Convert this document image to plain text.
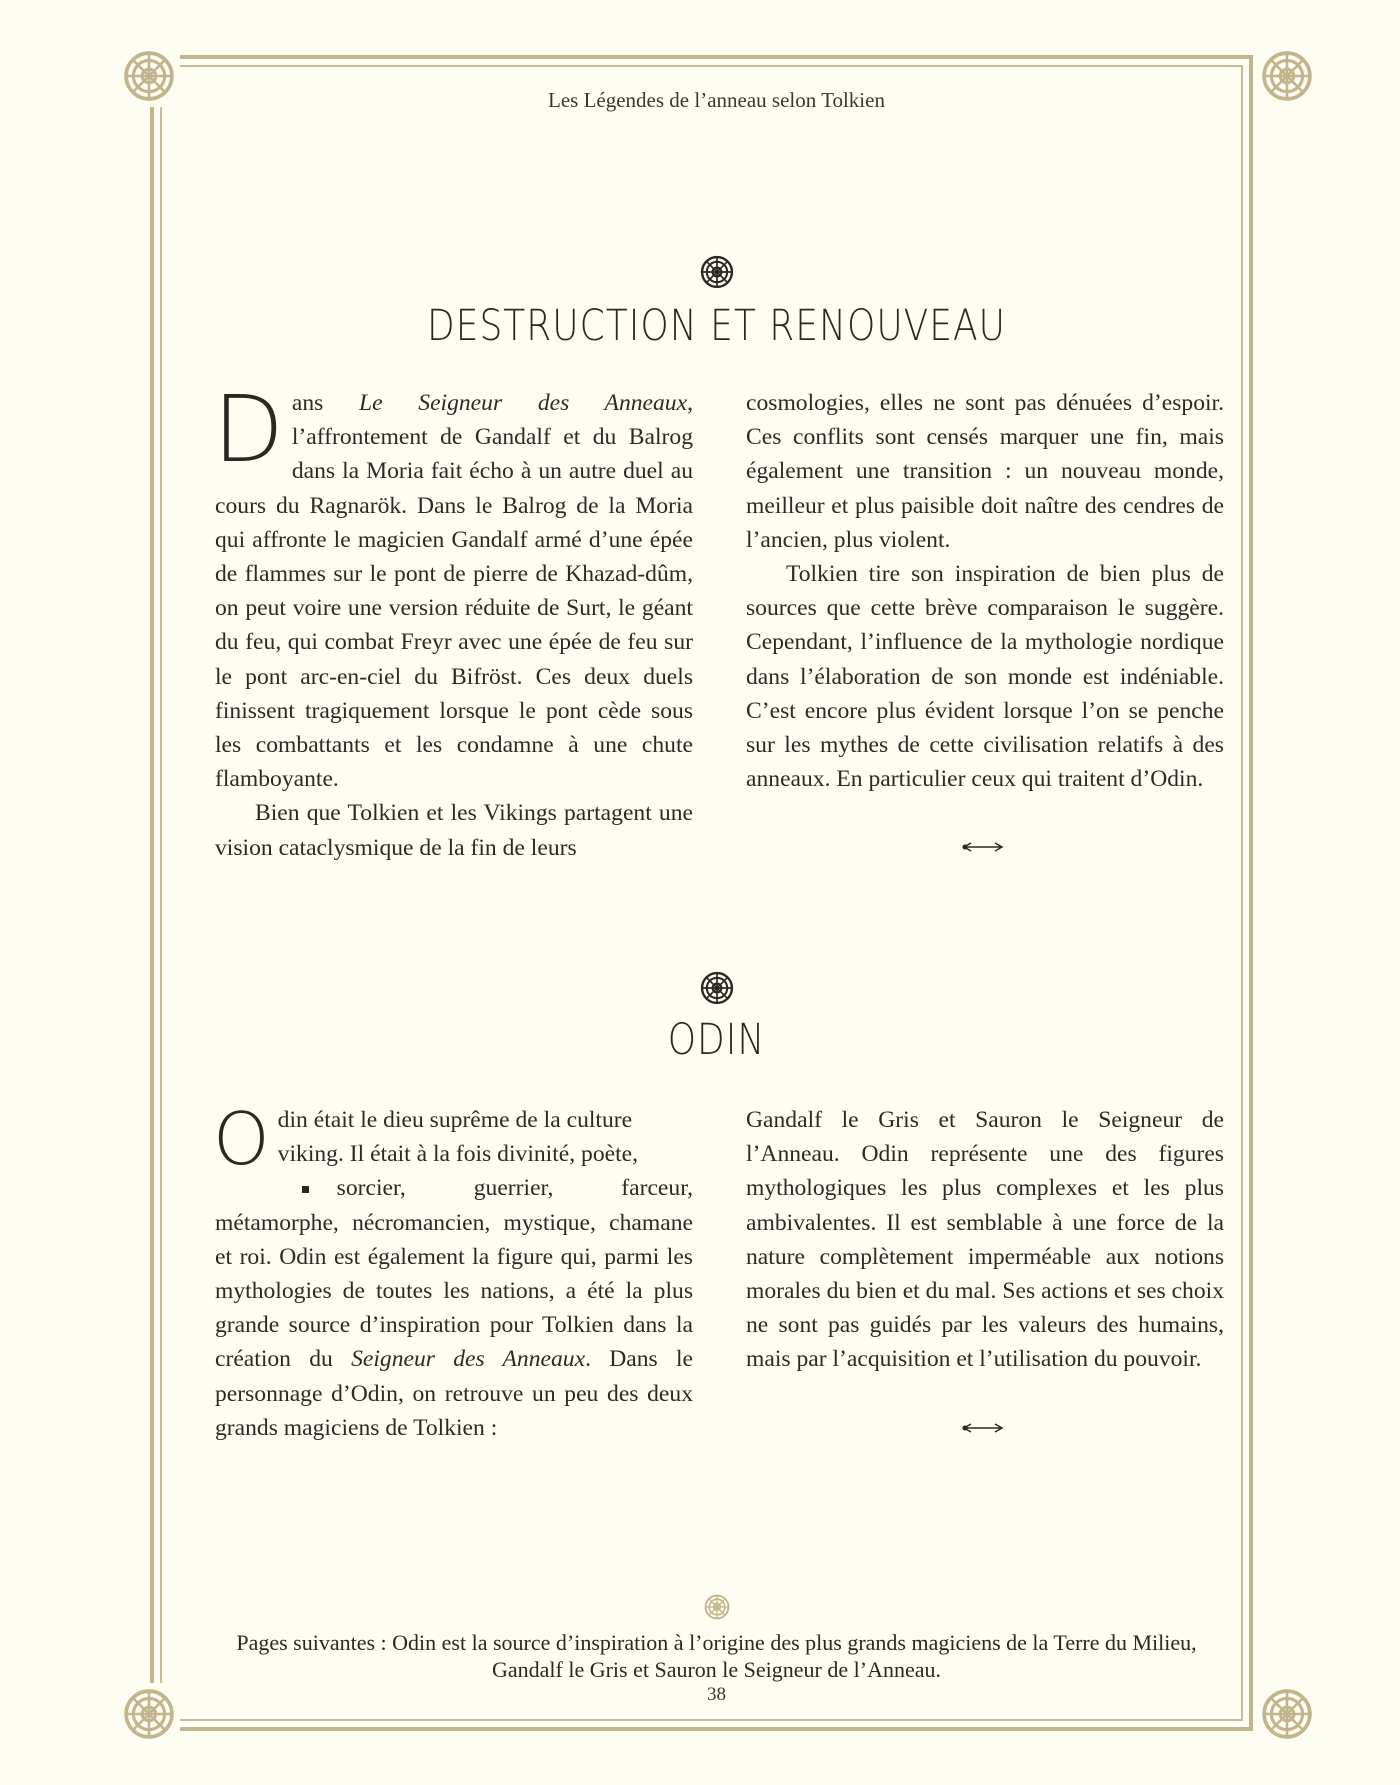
Les Légendes de l’anneau selon Tolkien
DESTRUCTION ET RENOUVEAU

Dans Le Seigneur des Anneaux, l’affrontement de Gandalf et du Balrog dans la Moria fait écho à un autre duel au cours du Ragnarök. Dans le Balrog de la Moria qui affronte le magicien Gandalf armé d’une épée de flammes sur le pont de pierre de Khazad-dûm, on peut voire une version réduite de Surt, le géant du feu, qui combat Freyr avec une épée de feu sur le pont arc-en-ciel du Bifröst. Ces deux duels finissent tragiquement lorsque le pont cède sous les combattants et les condamne à une chute flamboyante.

Bien que Tolkien et les Vikings partagent une vision cataclysmique de la fin de leurs

cosmologies, elles ne sont pas dénuées d’espoir. Ces conflits sont censés marquer une fin, mais également une transition : un nouveau monde, meilleur et plus paisible doit naître des cendres de l’ancien, plus violent.

Tolkien tire son inspiration de bien plus de sources que cette brève comparaison le suggère. Cependant, l’influence de la mythologie nordique dans l’élaboration de son monde est indéniable. C’est encore plus évident lorsque l’on se penche sur les mythes de cette civilisation relatifs à des anneaux. En particulier ceux qui traitent d’Odin.

ODIN

Odin était le dieu suprême de la culture
viking. Il était à la fois divinité, poète,
sorcier, guerrier, farceur, métamorphe, nécromancien, mystique, chamane et roi. Odin est également la figure qui, parmi les mythologies de toutes les nations, a été la plus grande source d’inspiration pour Tolkien dans la création du Seigneur des Anneaux. Dans le personnage d’Odin, on retrouve un peu des deux grands magiciens de Tolkien :

Gandalf le Gris et Sauron le Seigneur de l’Anneau. Odin représente une des figures mythologiques les plus complexes et les plus ambivalentes. Il est semblable à une force de la nature complètement imperméable aux notions morales du bien et du mal. Ses actions et ses choix ne sont pas guidés par les valeurs des humains, mais par l’acquisition et l’utilisation du pouvoir.

Pages suivantes : Odin est la source d’inspiration à l’origine des plus grands magiciens de la Terre du Milieu,
Gandalf le Gris et Sauron le Seigneur de l’Anneau.
38
